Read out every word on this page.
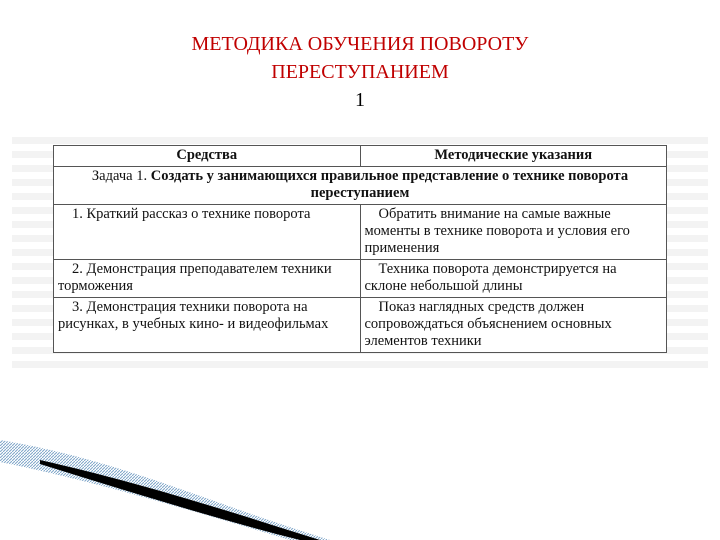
МЕТОДИКА ОБУЧЕНИЯ ПОВОРОТУ
ПЕРЕСТУПАНИЕМ
1
Средства	Методические указания
Задача 1. Создать у занимающихся правильное представление о технике поворота переступанием	
1. Краткий рассказ о технике поворота	Обратить внимание на самые важные моменты в технике поворота и условия его применения
2. Демонстрация преподавателем техники торможения	Техника поворота демонстрируется на склоне небольшой длины
3. Демонстрация техники поворота на рисунках, в учебных кино- и видеофильмах	Показ наглядных средств должен сопровождаться объяснением основных элементов техники
